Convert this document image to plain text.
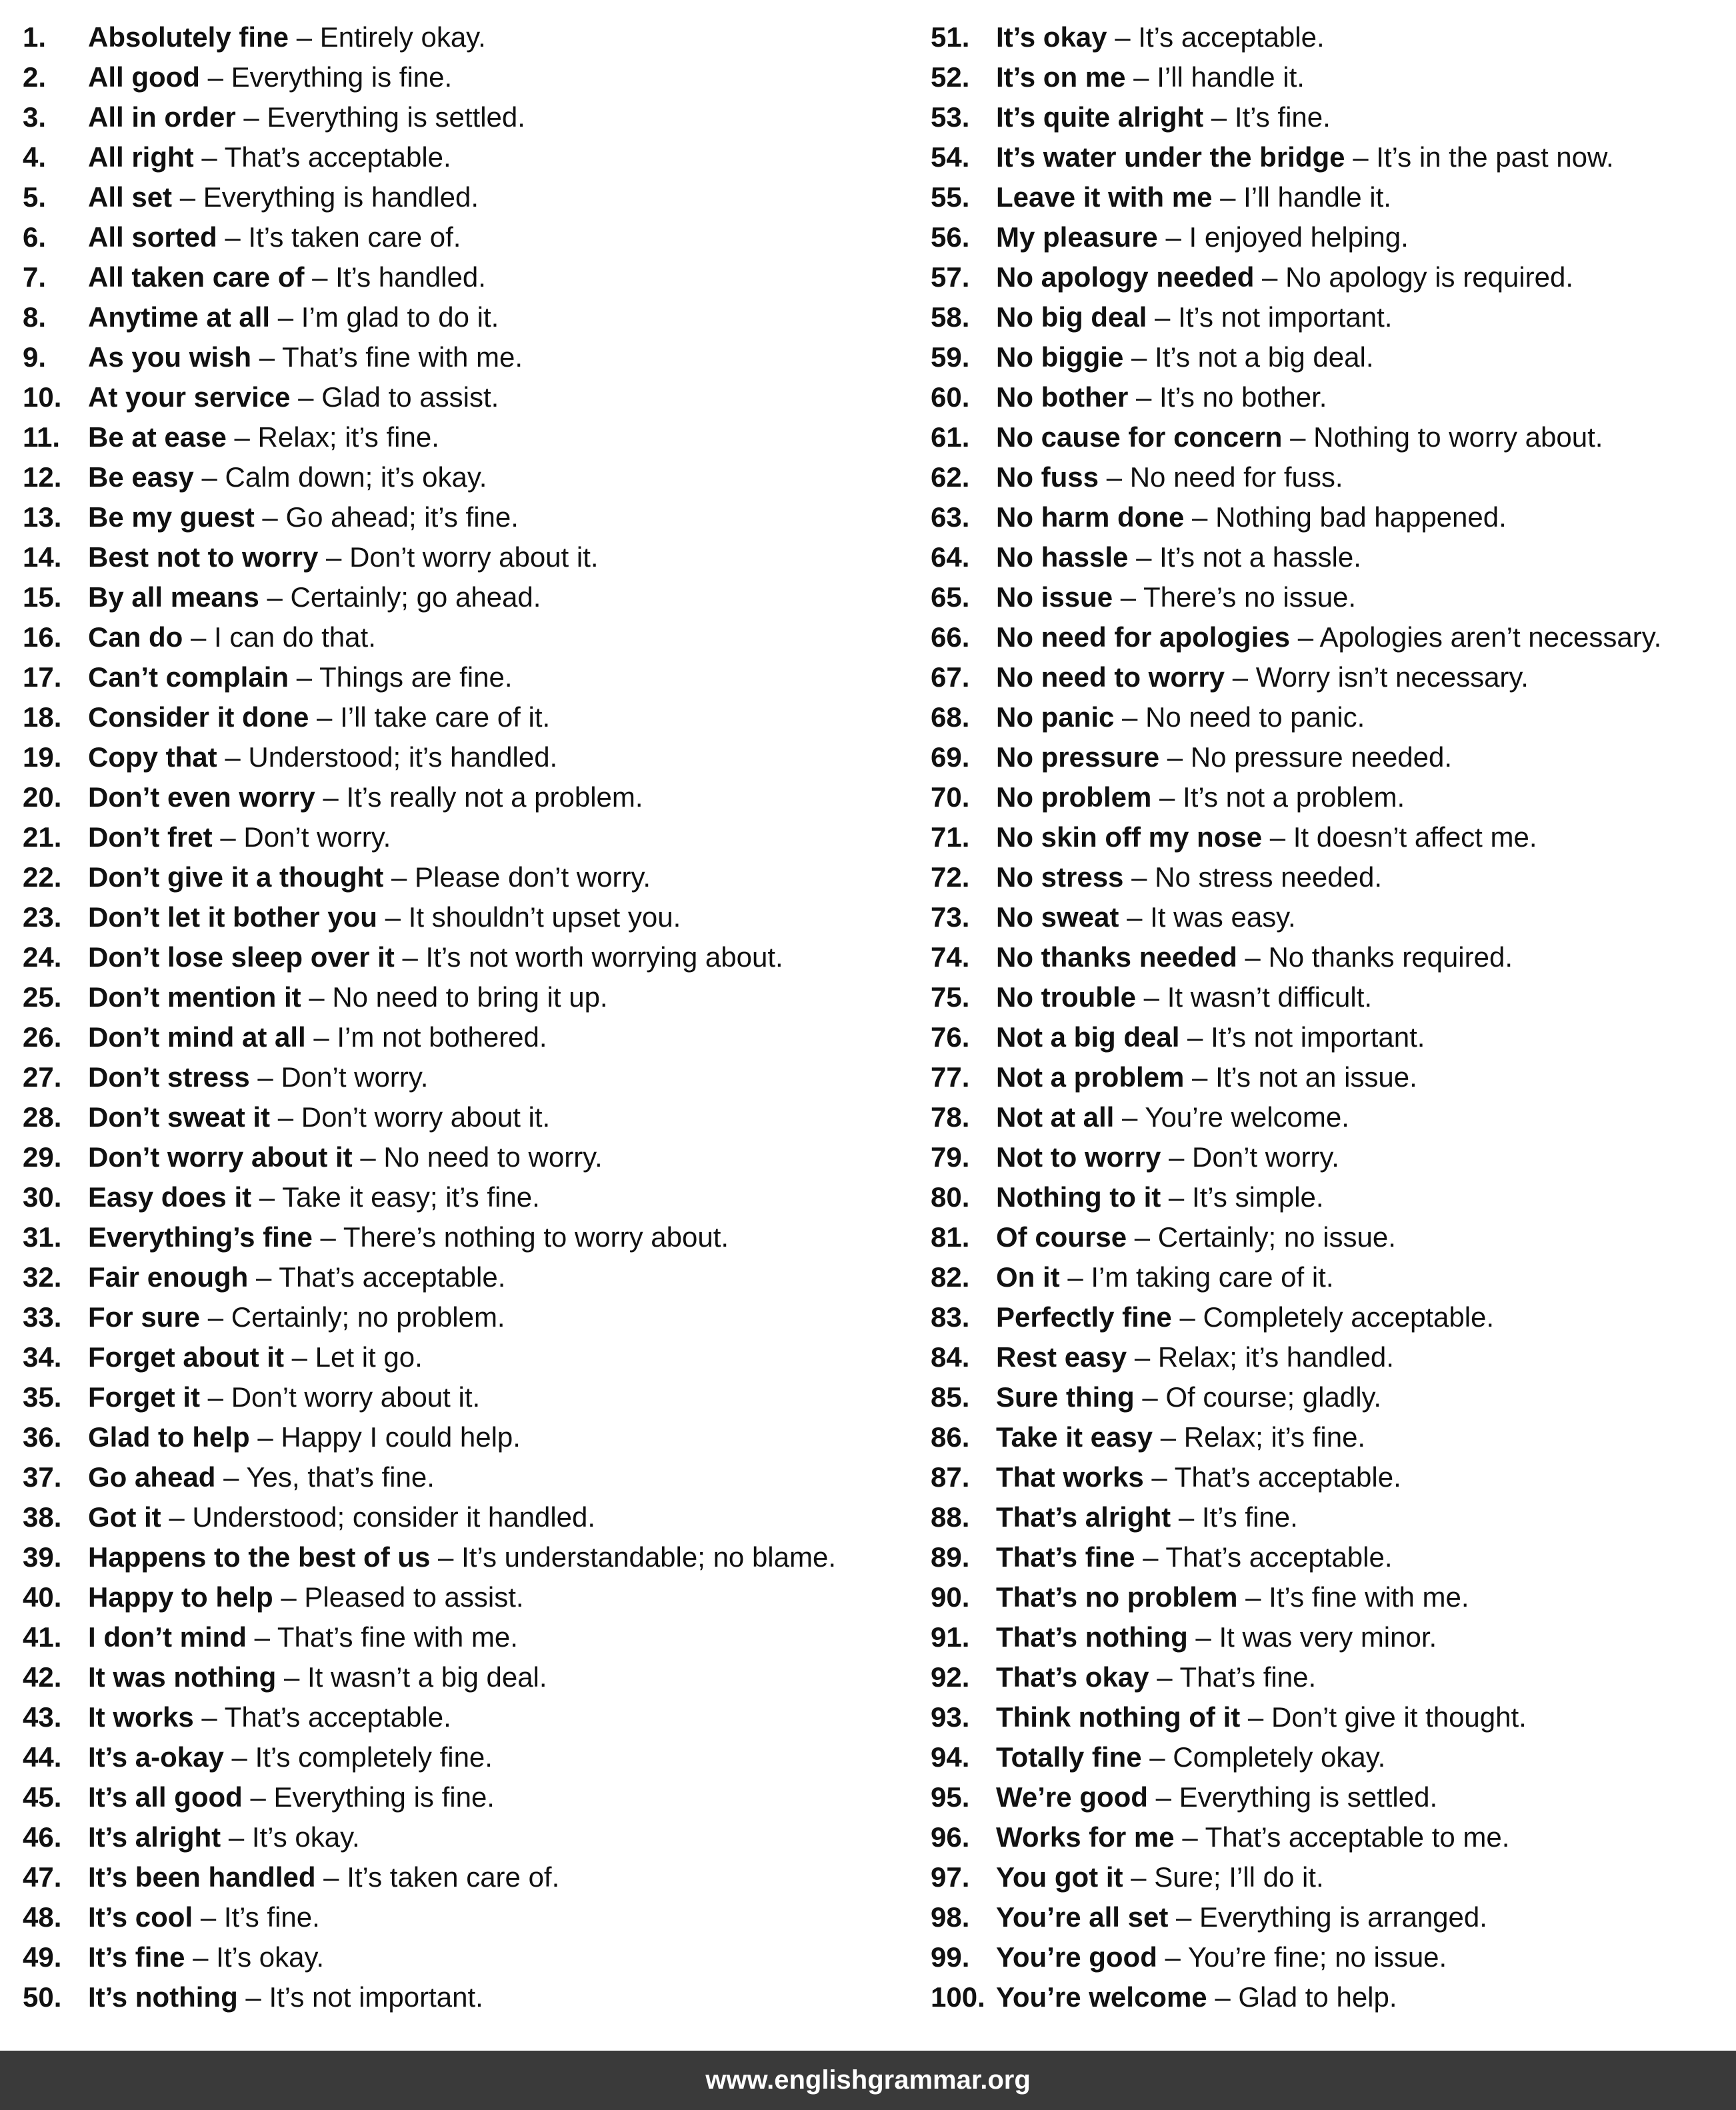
1.	Absolutely fine – Entirely okay.
2.	All good – Everything is fine.
3.	All in order – Everything is settled.
4.	All right – That’s acceptable.
5.	All set – Everything is handled.
6.	All sorted – It’s taken care of.
7.	All taken care of – It’s handled.
8.	Anytime at all – I’m glad to do it.
9.	As you wish – That’s fine with me.
10. At your service – Glad to assist.
11. Be at ease – Relax; it’s fine.
12. Be easy – Calm down; it’s okay.
13. Be my guest – Go ahead; it’s fine.
14. Best not to worry – Don’t worry about it.
15. By all means – Certainly; go ahead.
16. Can do – I can do that.
17. Can’t complain – Things are fine.
18. Consider it done – I’ll take care of it.
19. Copy that – Understood; it’s handled.
20. Don’t even worry – It’s really not a problem.
21. Don’t fret – Don’t worry.
22. Don’t give it a thought – Please don’t worry.
23. Don’t let it bother you – It shouldn’t upset you.
24. Don’t lose sleep over it – It’s not worth worrying about.
25. Don’t mention it – No need to bring it up.
26. Don’t mind at all – I’m not bothered.
27. Don’t stress – Don’t worry.
28. Don’t sweat it – Don’t worry about it.
29. Don’t worry about it – No need to worry.
30. Easy does it – Take it easy; it’s fine.
31. Everything’s fine – There’s nothing to worry about.
32. Fair enough – That’s acceptable.
33. For sure – Certainly; no problem.
34. Forget about it – Let it go.
35. Forget it – Don’t worry about it.
36. Glad to help – Happy I could help.
37. Go ahead – Yes, that’s fine.
38. Got it – Understood; consider it handled.
39. Happens to the best of us – It’s understandable; no blame.
40. Happy to help – Pleased to assist.
41. I don’t mind – That’s fine with me.
42. It was nothing – It wasn’t a big deal.
43. It works – That’s acceptable.
44. It’s a-okay – It’s completely fine.
45. It’s all good – Everything is fine.
46. It’s alright – It’s okay.
47. It’s been handled – It’s taken care of.
48. It’s cool – It’s fine.
49. It’s fine – It’s okay.
50. It’s nothing – It’s not important.
51. It’s okay – It’s acceptable.
52. It’s on me – I’ll handle it.
53. It’s quite alright – It’s fine.
54. It’s water under the bridge – It’s in the past now.
55. Leave it with me – I’ll handle it.
56. My pleasure – I enjoyed helping.
57. No apology needed – No apology is required.
58. No big deal – It’s not important.
59. No biggie – It’s not a big deal.
60. No bother – It’s no bother.
61. No cause for concern – Nothing to worry about.
62. No fuss – No need for fuss.
63. No harm done – Nothing bad happened.
64. No hassle – It’s not a hassle.
65. No issue – There’s no issue.
66. No need for apologies – Apologies aren’t necessary.
67. No need to worry – Worry isn’t necessary.
68. No panic – No need to panic.
69. No pressure – No pressure needed.
70. No problem – It’s not a problem.
71. No skin off my nose – It doesn’t affect me.
72. No stress – No stress needed.
73. No sweat – It was easy.
74. No thanks needed – No thanks required.
75. No trouble – It wasn’t difficult.
76. Not a big deal – It’s not important.
77. Not a problem – It’s not an issue.
78. Not at all – You’re welcome.
79. Not to worry – Don’t worry.
80. Nothing to it – It’s simple.
81. Of course – Certainly; no issue.
82. On it – I’m taking care of it.
83. Perfectly fine – Completely acceptable.
84. Rest easy – Relax; it’s handled.
85. Sure thing – Of course; gladly.
86. Take it easy – Relax; it’s fine.
87. That works – That’s acceptable.
88. That’s alright – It’s fine.
89. That’s fine – That’s acceptable.
90. That’s no problem – It’s fine with me.
91. That’s nothing – It was very minor.
92. That’s okay – That’s fine.
93. Think nothing of it – Don’t give it thought.
94. Totally fine – Completely okay.
95. We’re good – Everything is settled.
96. Works for me – That’s acceptable to me.
97. You got it – Sure; I’ll do it.
98. You’re all set – Everything is arranged.
99. You’re good – You’re fine; no issue.
100. You’re welcome – Glad to help.
www.englishgrammar.org
